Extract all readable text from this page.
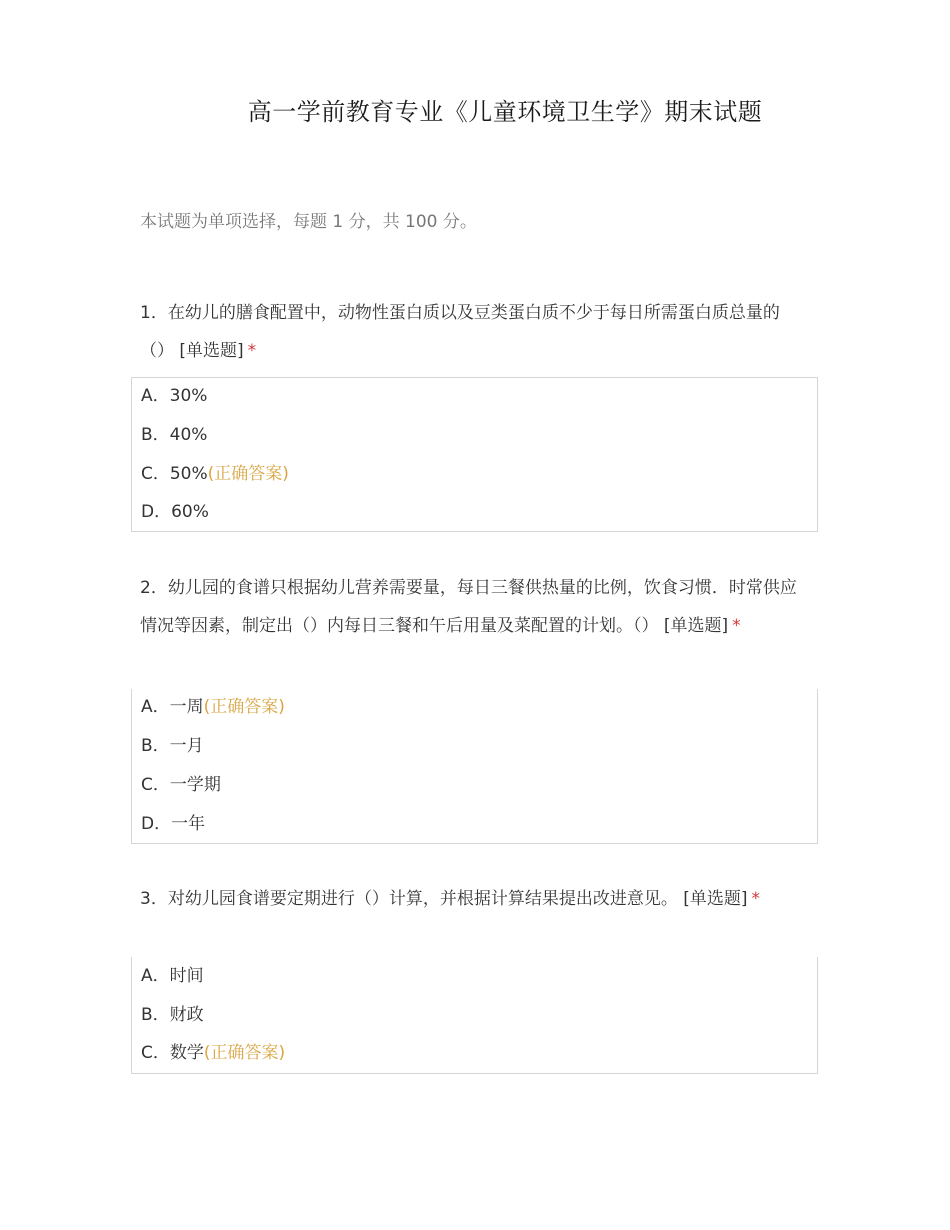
高一学前教育专业《儿童环境卫生学》期末试题
本试题为单项选择，每题 1 分，共 100 分。
1．在幼儿的膳食配置中，动物性蛋白质以及豆类蛋白质不少于每日所需蛋白质总量的（） [单选题] *
A．30%
B．40%
C．50%(正确答案)
D．60%
2．幼儿园的食谱只根据幼儿营养需要量，每日三餐供热量的比例，饮食习惯．时常供应情况等因素，制定出（）内每日三餐和午后用量及菜配置的计划。（） [单选题] *
A．一周(正确答案)
B．一月
C．一学期
D．一年
3．对幼儿园食谱要定期进行（）计算，并根据计算结果提出改进意见。 [单选题] *
A．时间
B．财政
C．数学(正确答案)
